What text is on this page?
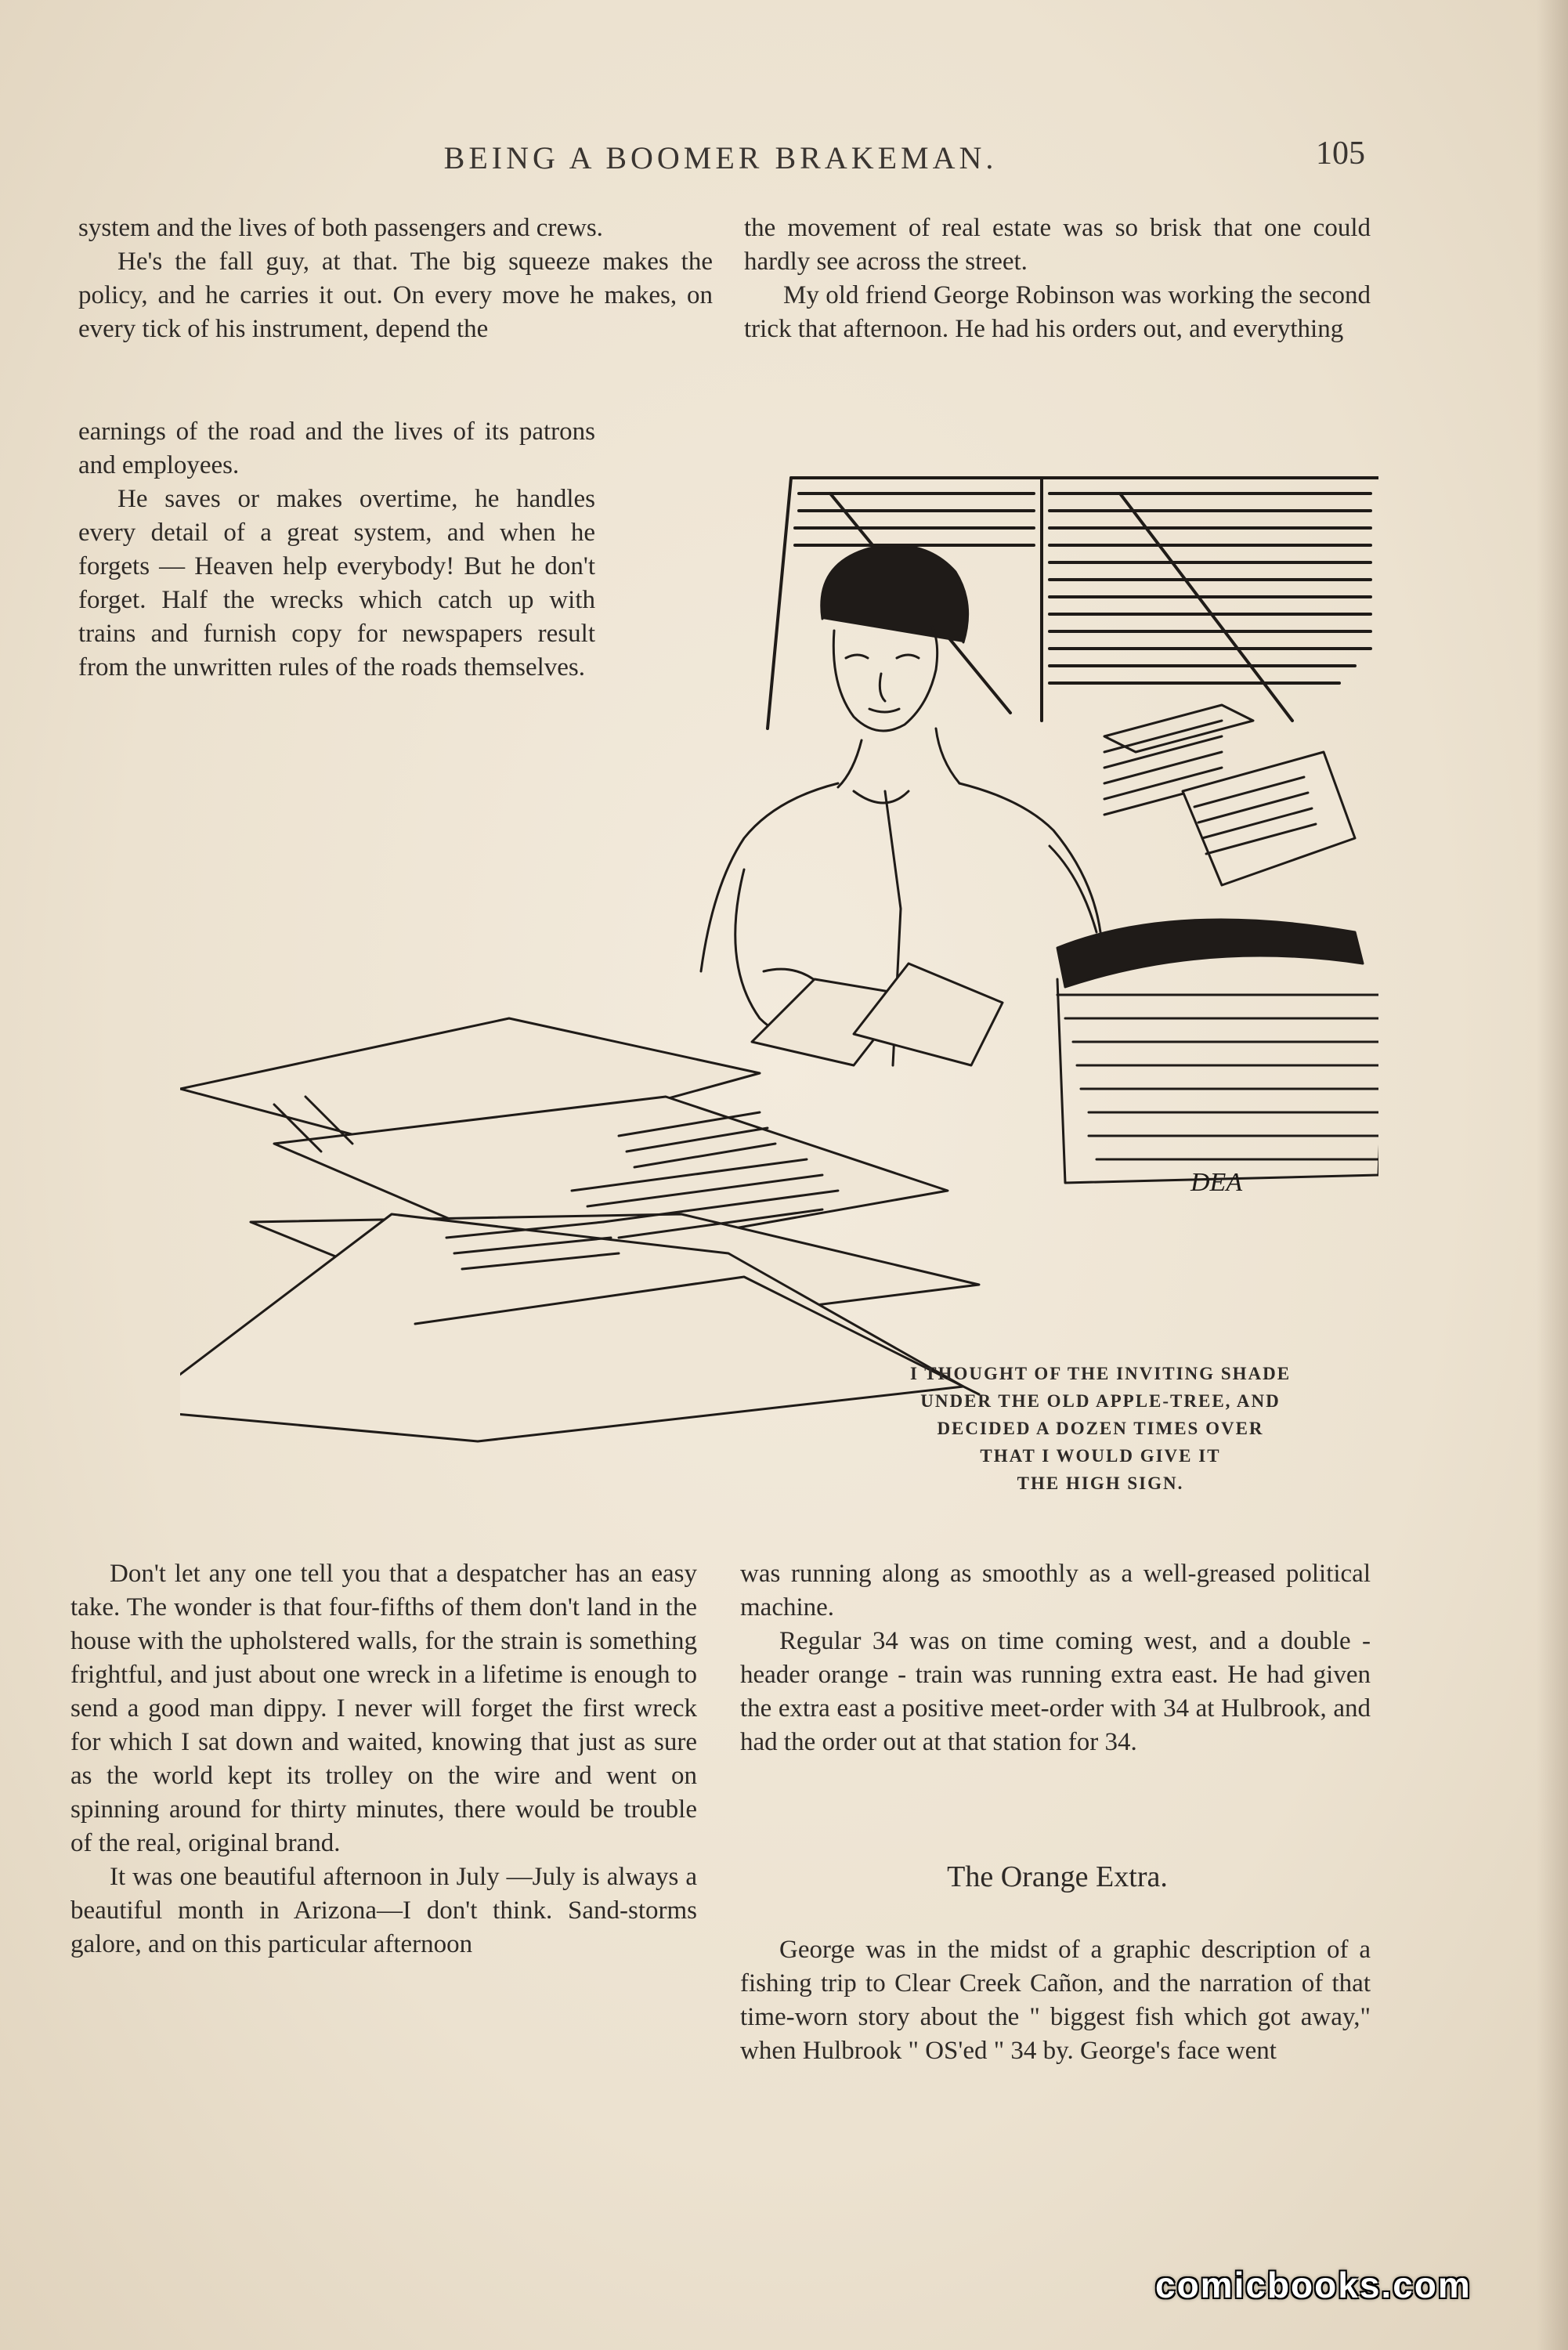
BEING A BOOMER BRAKEMAN.	105

system and the lives of both passengers and crews.

He's the fall guy, at that. The big squeeze makes the policy, and he carries it out. On every move he makes, on every tick of his instrument, depend the

earnings of the road and the lives of its patrons and employees.

He saves or makes overtime, he handles every detail of a great system, and when he forgets — Heaven help everybody! But he don't forget. Half the wrecks which catch up with trains and furnish copy for newspapers result from the unwritten rules of the roads themselves.

the movement of real estate was so brisk that one could hardly see across the street.

My old friend George Robinson was working the second trick that afternoon. He had his orders out, and everything

DEA
I THOUGHT OF THE INVITING SHADE
UNDER THE OLD APPLE-TREE, AND
DECIDED A DOZEN TIMES OVER
THAT I WOULD GIVE IT
THE HIGH SIGN.

Don't let any one tell you that a despatcher has an easy take. The wonder is that four-fifths of them don't land in the house with the upholstered walls, for the strain is something frightful, and just about one wreck in a lifetime is enough to send a good man dippy. I never will forget the first wreck for which I sat down and waited, knowing that just as sure as the world kept its trolley on the wire and went on spinning around for thirty minutes, there would be trouble of the real, original brand.

It was one beautiful afternoon in July —July is always a beautiful month in Arizona—I don't think. Sand-storms galore, and on this particular afternoon

was running along as smoothly as a well-greased political machine.

Regular 34 was on time coming west, and a double - header orange - train was running extra east. He had given the extra east a positive meet-order with 34 at Hulbrook, and had the order out at that station for 34.

The Orange Extra.

George was in the midst of a graphic description of a fishing trip to Clear Creek Cañon, and the narration of that time-worn story about the " biggest fish which got away," when Hulbrook " OS'ed " 34 by. George's face went

comicbooks.com
